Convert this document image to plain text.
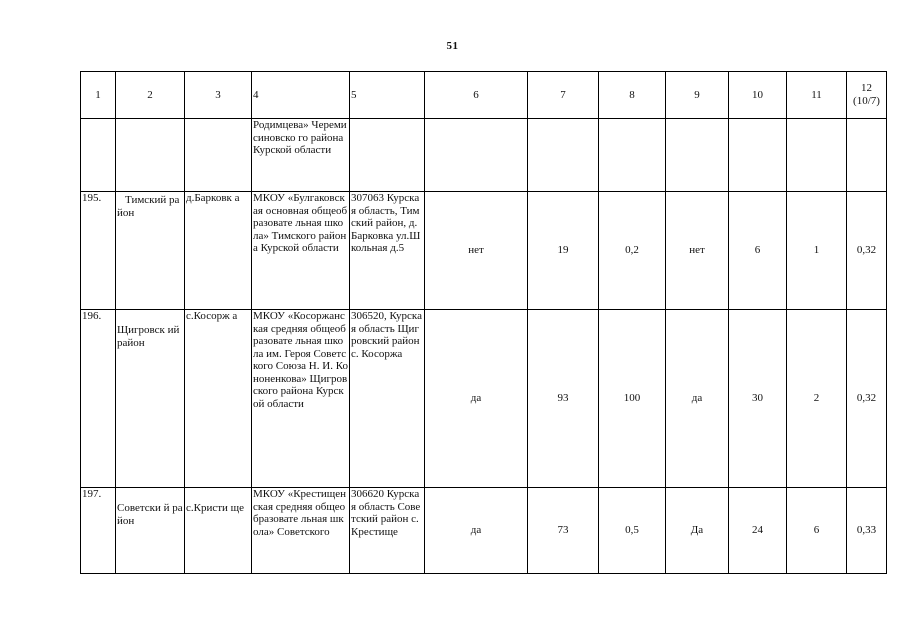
51
1	2	3	4	5	6	7	8	9	10	11	12
(10/7)
			Родимцева» Черемисиновско го района Курской области								
195.	Тимский район	д.Барковк а	МКОУ «Булгаковская основная общеобразовате льная школа» Тимского района Курской области	307063 Курская область, Тимский район, д.Барковка ул.Школьная д.5	нет	19	0,2	нет	6	1	0,32
196.	Щигровск ий район	с.Косорж а	МКОУ «Косоржанская средняя общеобразовате льная школа им. Героя Советского Союза Н. И. Кононенкова» Щигровского района Курской области	306520, Курская область Щигровский район с. Косоржа	да	93	100	да	30	2	0,32
197.	Советски й район	с.Кристи ще	МКОУ «Крестищенская средняя общеобразовате льная школа» Советского	306620 Курская область Советский район с.Крестище	да	73	0,5	Да	24	6	0,33
